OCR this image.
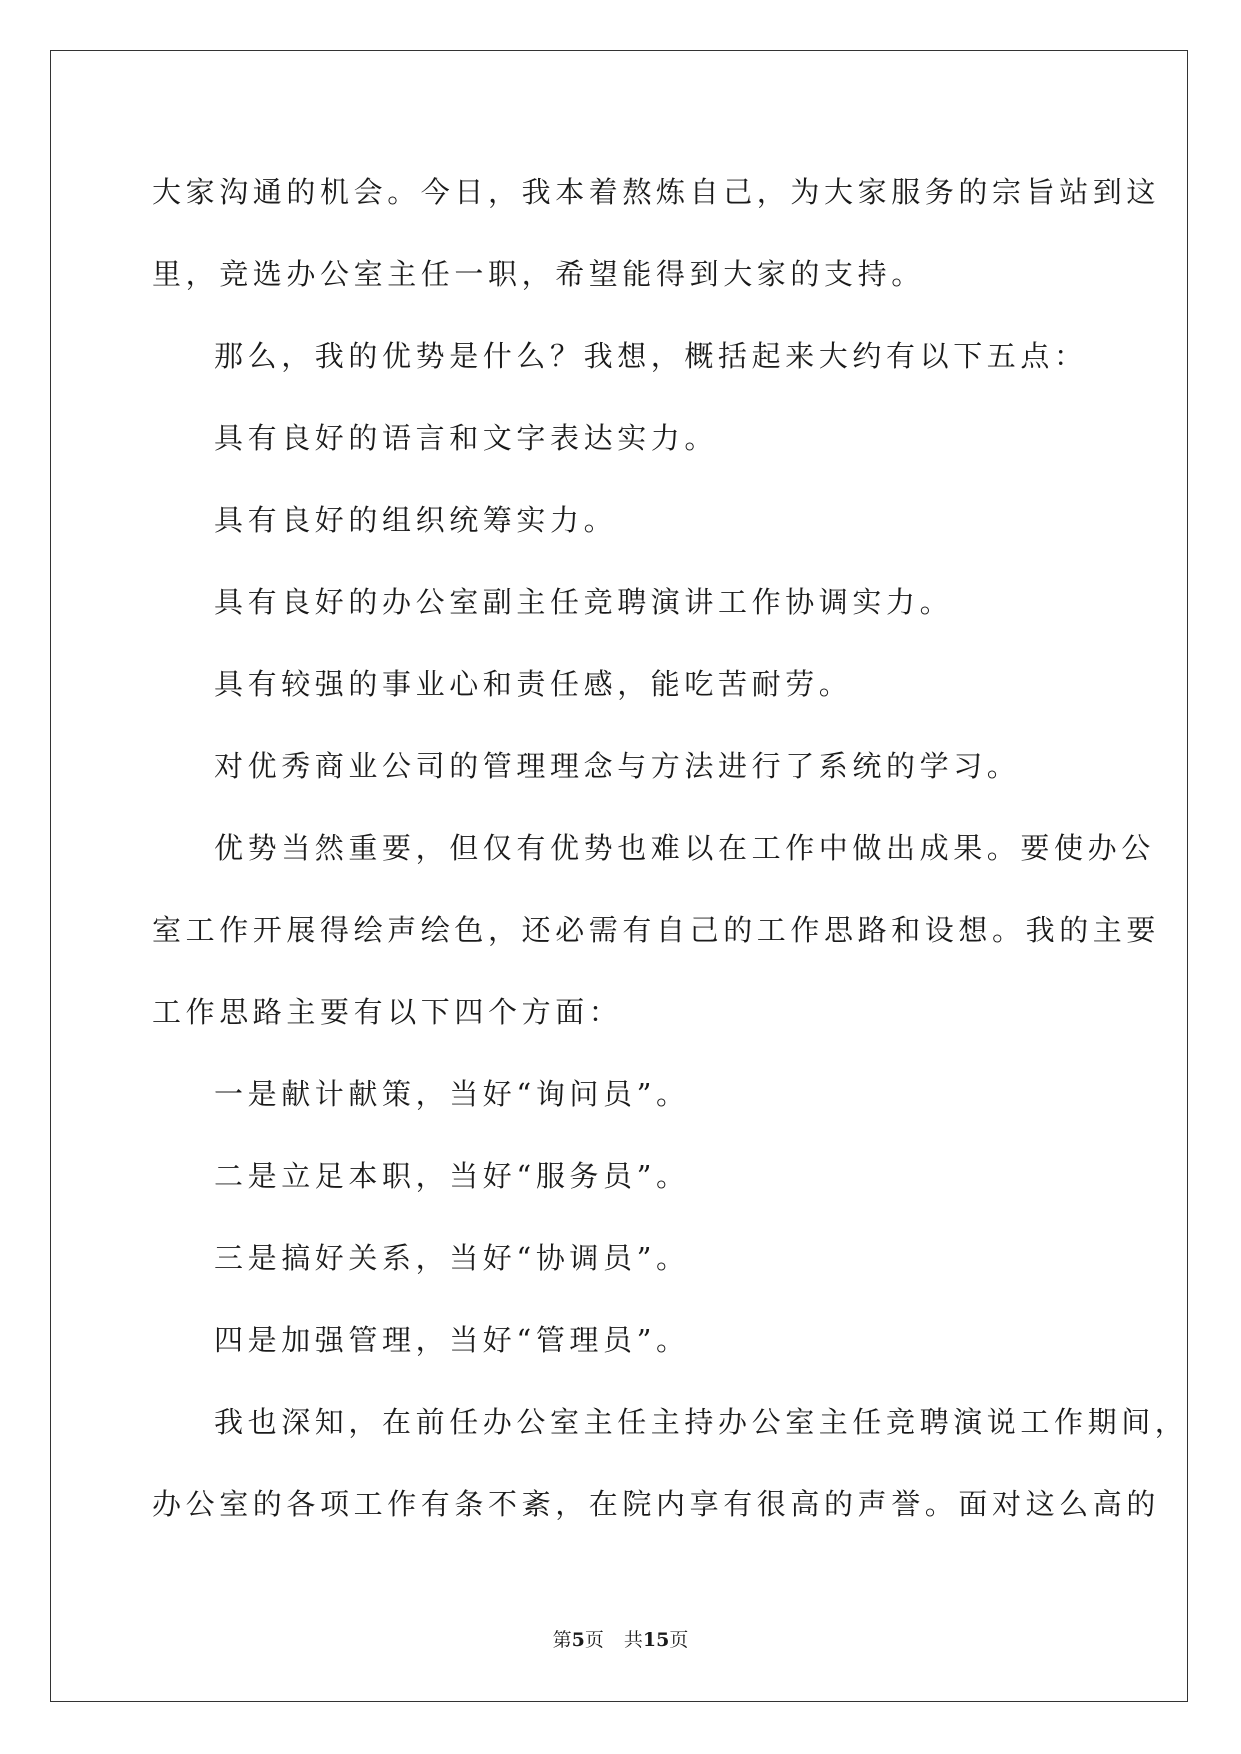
大家沟通的机会。今日，我本着熬炼自己，为大家服务的宗旨站到这
里，竞选办公室主任一职，希望能得到大家的支持。
那么，我的优势是什么？我想，概括起来大约有以下五点：
具有良好的语言和文字表达实力。
具有良好的组织统筹实力。
具有良好的办公室副主任竞聘演讲工作协调实力。
具有较强的事业心和责任感，能吃苦耐劳。
对优秀商业公司的管理理念与方法进行了系统的学习。
优势当然重要，但仅有优势也难以在工作中做出成果。要使办公
室工作开展得绘声绘色，还必需有自己的工作思路和设想。我的主要
工作思路主要有以下四个方面：
一是献计献策，当好“询问员”。
二是立足本职，当好“服务员”。
三是搞好关系，当好“协调员”。
四是加强管理，当好“管理员”。
我也深知，在前任办公室主任主持办公室主任竞聘演说工作期间，
办公室的各项工作有条不紊，在院内享有很高的声誉。面对这么高的
第5页 共15页
